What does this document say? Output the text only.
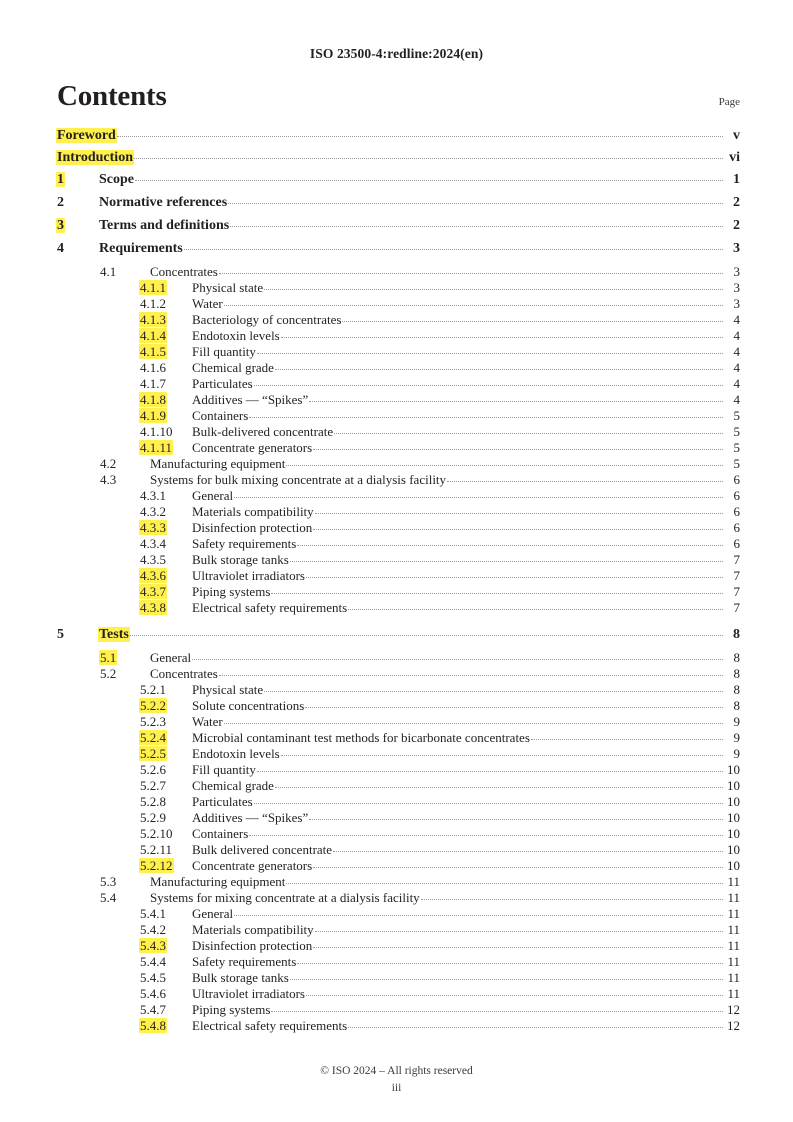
ISO 23500-4:redline:2024(en)
Contents	Page
Foreword	v
Introduction	vi
1	Scope	1
2	Normative references	2
3	Terms and definitions	2
4	Requirements	3
4.1	Concentrates	3
4.1.1	Physical state	3
4.1.2	Water	3
4.1.3	Bacteriology of concentrates	4
4.1.4	Endotoxin levels	4
4.1.5	Fill quantity	4
4.1.6	Chemical grade	4
4.1.7	Particulates	4
4.1.8	Additives — “Spikes”	4
4.1.9	Containers	5
4.1.10	Bulk-delivered concentrate	5
4.1.11	Concentrate generators	5
4.2	Manufacturing equipment	5
4.3	Systems for bulk mixing concentrate at a dialysis facility	6
4.3.1	General	6
4.3.2	Materials compatibility	6
4.3.3	Disinfection protection	6
4.3.4	Safety requirements	6
4.3.5	Bulk storage tanks	7
4.3.6	Ultraviolet irradiators	7
4.3.7	Piping systems	7
4.3.8	Electrical safety requirements	7
5	Tests	8
5.1	General	8
5.2	Concentrates	8
5.2.1	Physical state	8
5.2.2	Solute concentrations	8
5.2.3	Water	9
5.2.4	Microbial contaminant test methods for bicarbonate concentrates	9
5.2.5	Endotoxin levels	9
5.2.6	Fill quantity	10
5.2.7	Chemical grade	10
5.2.8	Particulates	10
5.2.9	Additives — “Spikes”	10
5.2.10	Containers	10
5.2.11	Bulk delivered concentrate	10
5.2.12	Concentrate generators	10
5.3	Manufacturing equipment	11
5.4	Systems for mixing concentrate at a dialysis facility	11
5.4.1	General	11
5.4.2	Materials compatibility	11
5.4.3	Disinfection protection	11
5.4.4	Safety requirements	11
5.4.5	Bulk storage tanks	11
5.4.6	Ultraviolet irradiators	11
5.4.7	Piping systems	12
5.4.8	Electrical safety requirements	12
© ISO 2024 – All rights reserved
iii
